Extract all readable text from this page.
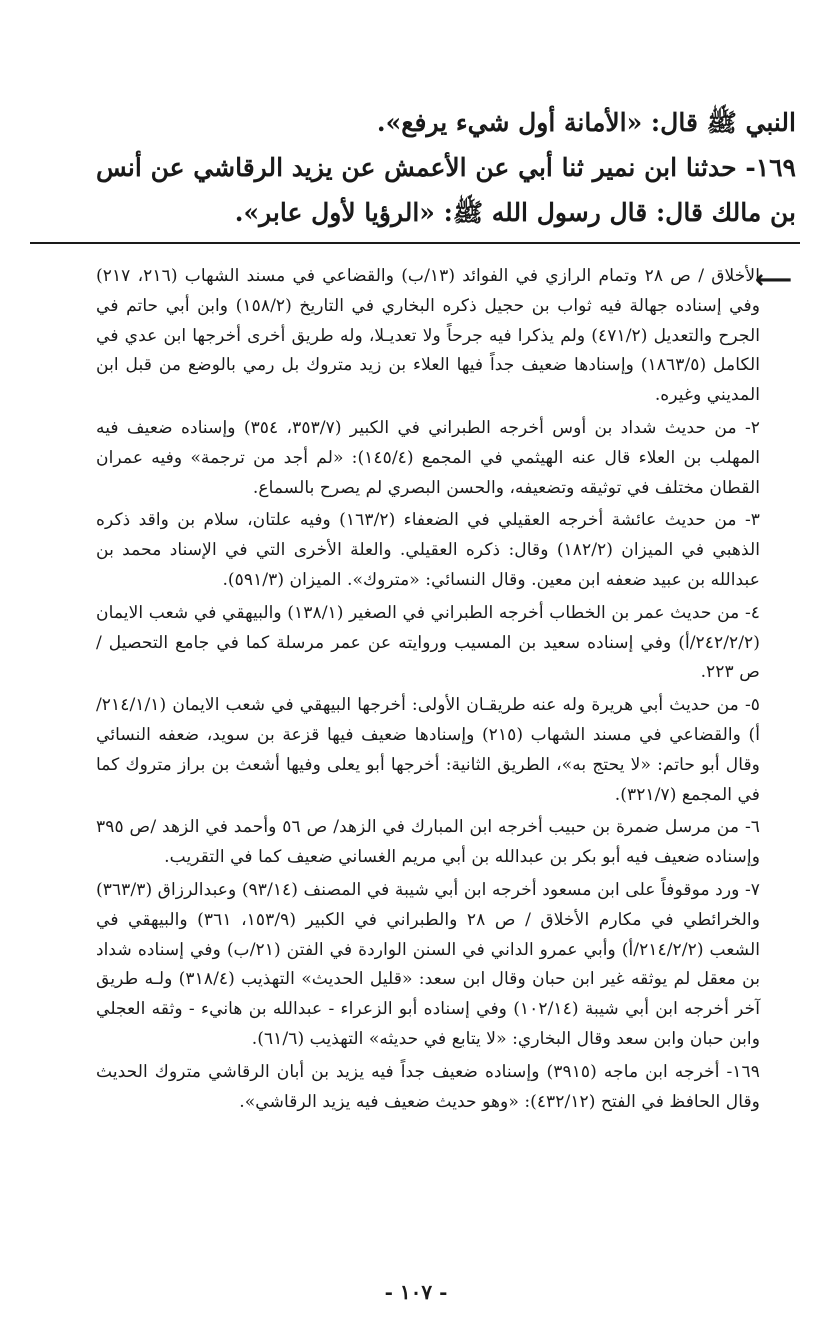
النبي ﷺ قال: «الأمانة أول شيء يرفع».

١٦٩- حدثنا ابن نمير ثنا أبي عن الأعمش عن يزيد الرقاشي عن أنس بن مالك قال: قال رسول الله ﷺ: «الرؤيا لأول عابر».

⟵

الأخلاق / ص ٢٨ وتمام الرازي في الفوائد (١٣/ب) والقضاعي في مسند الشهاب (٢١٦، ٢١٧) وفي إسناده جهالة فيه ثواب بن حجيل ذكره البخاري في التاريخ (١٥٨/٢) وابن أبي حاتم في الجرح والتعديل (٤٧١/٢) ولم يذكرا فيه جرحاً ولا تعديـلا، وله طريق أخرى أخرجها ابن عدي في الكامل (١٨٦٣/٥) وإسنادها ضعيف جداً فيها العلاء بن زيد متروك بل رمي بالوضع من قبل ابن المديني وغيره.

٢- من حديث شداد بن أوس أخرجه الطبراني في الكبير (٣٥٣/٧، ٣٥٤) وإسناده ضعيف فيه المهلب بن العلاء قال عنه الهيثمي في المجمع (١٤٥/٤): «لم أجد من ترجمة» وفيه عمران القطان مختلف في توثيقه وتضعيفه، والحسن البصري لم يصرح بالسماع.

٣- من حديث عائشة أخرجه العقيلي في الضعفاء (١٦٣/٢) وفيه علتان، سلام بن واقد ذكره الذهبي في الميزان (١٨٢/٢) وقال: ذكره العقيلي. والعلة الأخرى التي في الإسناد محمد بن عبدالله بن عبيد ضعفه ابن معين. وقال النسائي: «متروك». الميزان (٥٩١/٣).

٤- من حديث عمر بن الخطاب أخرجه الطبراني في الصغير (١٣٨/١) والبيهقي في شعب الايمان (٢٤٢/٢/٢/أ) وفي إسناده سعيد بن المسيب وروايته عن عمر مرسلة كما في جامع التحصيل / ص ٢٢٣.

٥- من حديث أبي هريرة وله عنه طريقـان الأولى: أخرجها البيهقي في شعب الايمان (٢١٤/١/١/أ) والقضاعي في مسند الشهاب (٢١٥) وإسنادها ضعيف فيها قزعة بن سويد، ضعفه النسائي وقال أبو حاتم: «لا يحتج به»، الطريق الثانية: أخرجها أبو يعلى وفيها أشعث بن براز متروك كما في المجمع (٣٢١/٧).

٦- من مرسل ضمرة بن حبيب أخرجه ابن المبارك في الزهد/ ص ٥٦ وأحمد في الزهد /ص ٣٩٥ وإسناده ضعيف فيه أبو بكر بن عبدالله بن أبي مريم الغساني ضعيف كما في التقريب.

٧- ورد موقوفاً على ابن مسعود أخرجه ابن أبي شيبة في المصنف (٩٣/١٤) وعبدالرزاق (٣٦٣/٣) والخرائطي في مكارم الأخلاق / ص ٢٨ والطبراني في الكبير (١٥٣/٩، ٣٦١) والبيهقي في الشعب (٢١٤/٢/٢/أ) وأبي عمرو الداني في السنن الواردة في الفتن (٢١/ب) وفي إسناده شداد بن معقل لم يوثقه غير ابن حبان وقال ابن سعد: «قليل الحديث» التهذيب (٣١٨/٤) ولـه طريق آخر أخرجه ابن أبي شيبة (١٠٢/١٤) وفي إسناده أبو الزعراء - عبدالله بن هانيء - وثقه العجلي وابن حبان وابن سعد وقال البخاري: «لا يتابع في حديثه» التهذيب (٦١/٦).

١٦٩- أخرجه ابن ماجه (٣٩١٥) وإسناده ضعيف جداً فيه يزيد بن أبان الرقاشي متروك الحديث وقال الحافظ في الفتح (٤٣٢/١٢): «وهو حديث ضعيف فيه يزيد الرقاشي».

- ١٠٧ -
